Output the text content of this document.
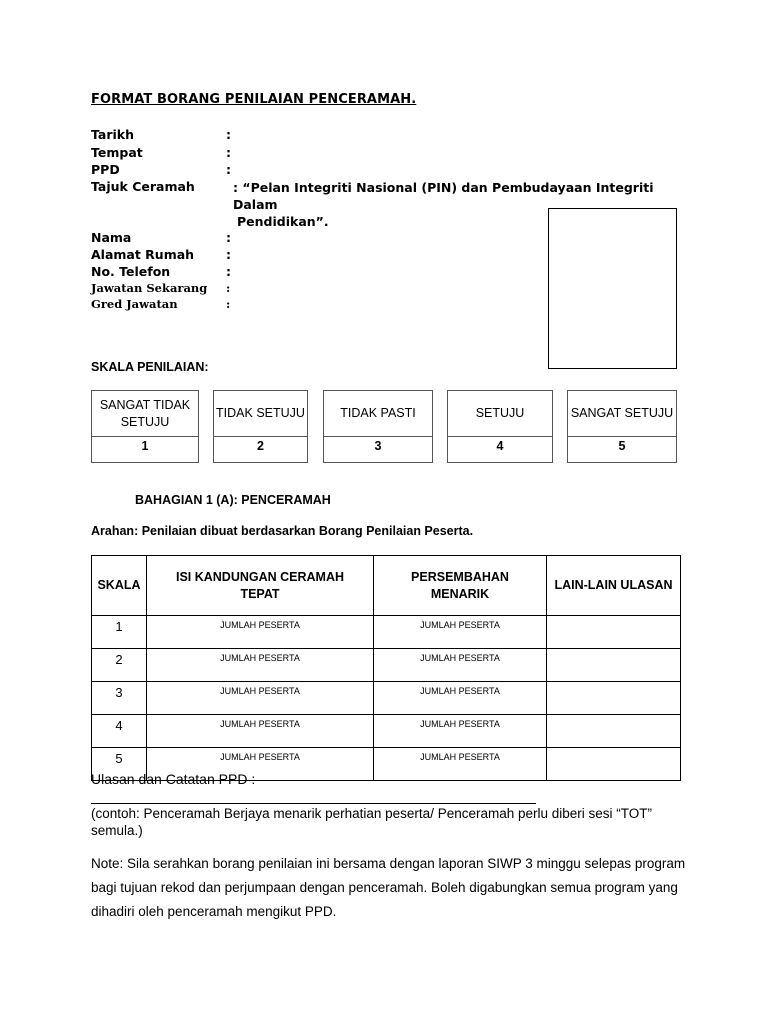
FORMAT BORANG PENILAIAN PENCERAMAH.
Tarikh	:
Tempat	:
PPD	:
Tajuk Ceramah	: “Pelan Integriti Nasional (PIN) dan Pembudayaan Integriti Dalam
Pendidikan”.
Nama	:
Alamat Rumah	:
No. Telefon	:
Jawatan Sekarang :
Gred Jawatan	:
SKALA PENILAIAN:
SANGAT TIDAK SETUJU
1
TIDAK SETUJU
2
TIDAK PASTI
3
SETUJU
4
SANGAT SETUJU
5
BAHAGIAN 1 (A): PENCERAMAH
Arahan: Penilaian dibuat berdasarkan Borang Penilaian Peserta.
SKALA	ISI KANDUNGAN CERAMAH TEPAT	PERSEMBAHAN MENARIK	LAIN-LAIN ULASAN
1	JUMLAH PESERTA	JUMLAH PESERTA	
2	JUMLAH PESERTA	JUMLAH PESERTA	
3	JUMLAH PESERTA	JUMLAH PESERTA	
4	JUMLAH PESERTA	JUMLAH PESERTA	
5	JUMLAH PESERTA	JUMLAH PESERTA	
Ulasan dan Catatan PPD :
(contoh: Penceramah Berjaya menarik perhatian peserta/ Penceramah perlu diberi sesi “TOT” semula.)
Note: Sila serahkan borang penilaian ini bersama dengan laporan SIWP 3 minggu selepas program bagi tujuan rekod dan perjumpaan dengan penceramah. Boleh digabungkan semua program yang dihadiri oleh penceramah mengikut PPD.
